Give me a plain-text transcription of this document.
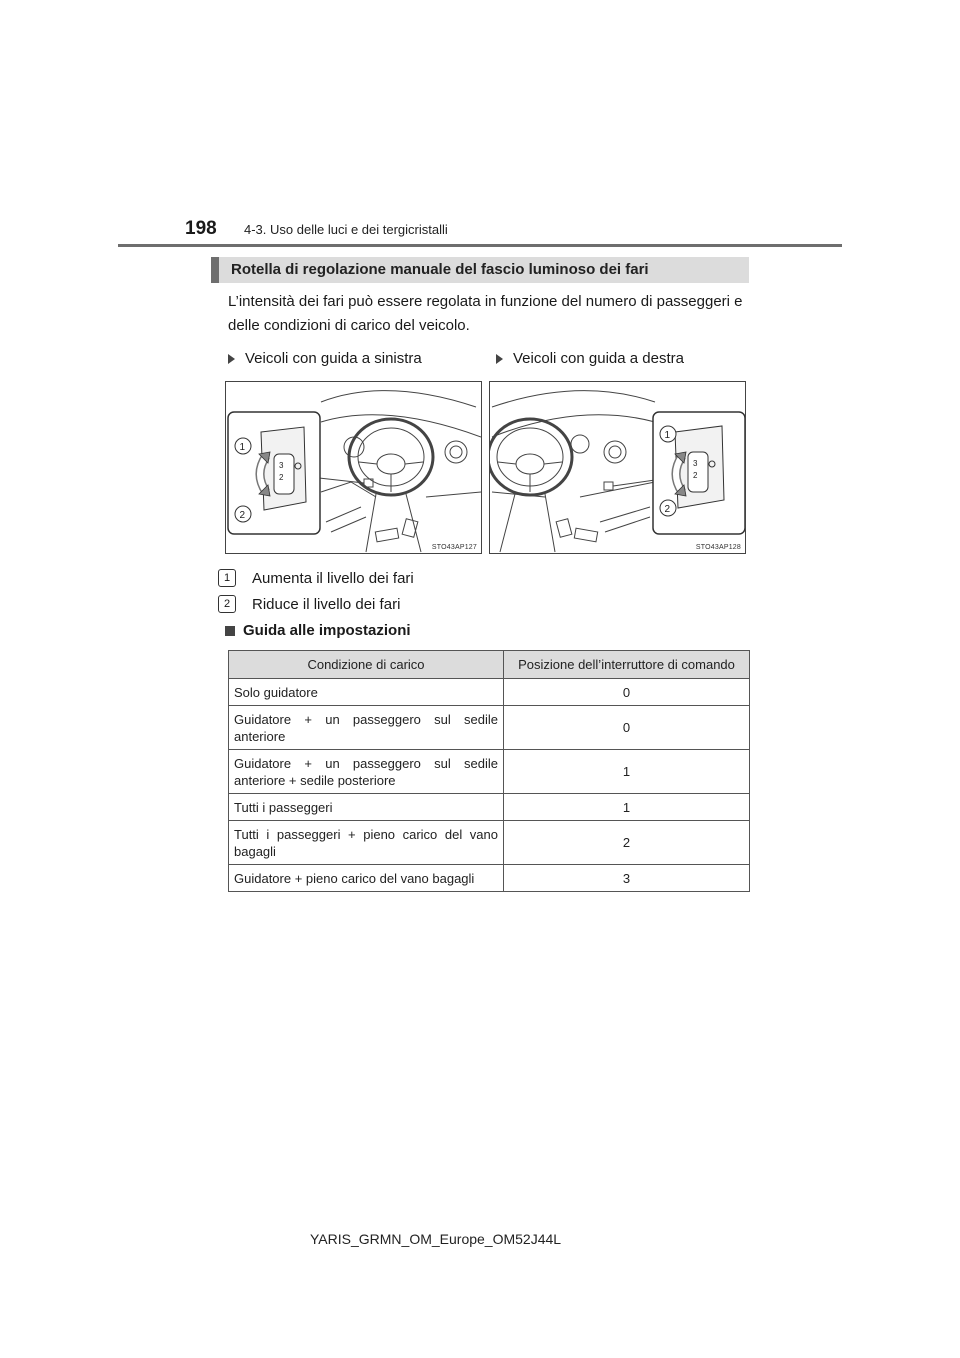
198 4-3. Uso delle luci e dei tergicristalli
Rotella di regolazione manuale del fascio luminoso dei fari

L’intensità dei fari può essere regolata in funzione del numero di passeggeri e delle condizioni di carico del veicolo.

Veicoli con guida a sinistra	Veicoli con guida a destra
3
2
1
2
STO43AP127
3
2
1
2
STO43AP128
1	Aumenta il livello dei fari
2	Riduce il livello dei fari
Guida alle impostazioni
Condizione di carico	Posizione dell’interruttore di comando
Solo guidatore	0
Guidatore + un passeggero sul sedile anteriore	0
Guidatore + un passeggero sul sedile anteriore + sedile posteriore	1
Tutti i passeggeri	1
Tutti i passeggeri + pieno carico del vano bagagli	2
Guidatore + pieno carico del vano bagagli	3
YARIS_GRMN_OM_Europe_OM52J44L
